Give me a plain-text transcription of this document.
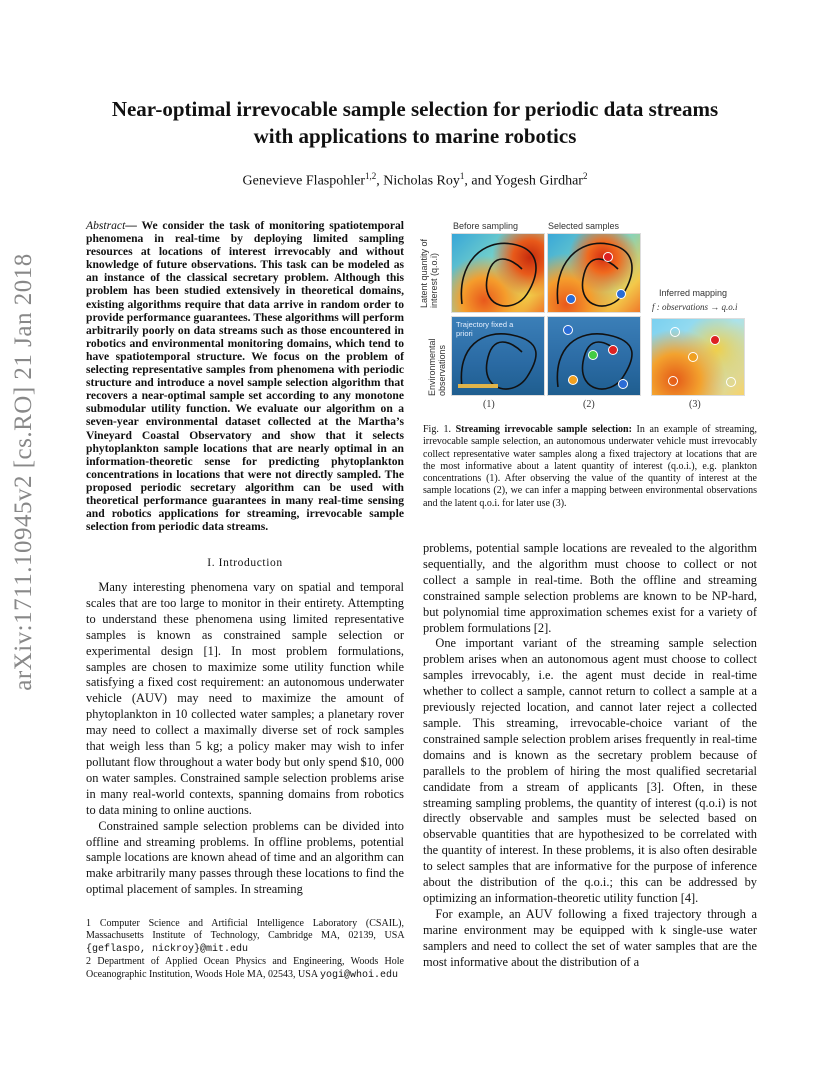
arXiv:1711.10945v2 [cs.RO] 21 Jan 2018
Near-optimal irrevocable sample selection for periodic data streams
with applications to marine robotics
Genevieve Flaspohler$^{1,2}$, Nicholas Roy$^1$, and Yogesh Girdhar$^2$
Abstract— We consider the task of monitoring spatiotemporal phenomena in real-time by deploying limited sampling resources at locations of interest irrevocably and without knowledge of future observations. This task can be modeled as an instance of the classical secretary problem. Although this problem has been studied extensively in theoretical domains, existing algorithms require that data arrive in random order to provide performance guarantees. These algorithms will perform arbitrarily poorly on data streams such as those encountered in robotics and environmental monitoring domains, which tend to have spatiotemporal structure. We focus on the problem of selecting representative samples from phenomena with periodic structure and introduce a novel sample selection algorithm that recovers a near-optimal sample set according to any monotone submodular utility function. We evaluate our algorithm on a seven-year environmental dataset collected at the Martha’s Vineyard Coastal Observatory and show that it selects phytoplankton sample locations that are nearly optimal in an information-theoretic sense for predicting phytoplankton concentrations in locations that were not directly sampled. The proposed periodic secretary algorithm can be used with theoretical performance guarantees in many real-time sensing and robotics applications for streaming, irrevocable sample selection from periodic data streams.
I. Introduction

Many interesting phenomena vary on spatial and temporal scales that are too large to monitor in their entirety. Attempting to understand these phenomena using limited representative samples is known as constrained sample selection or experimental design [1]. In most problem formulations, samples are chosen to maximize some utility function while satisfying a fixed cost requirement: an autonomous underwater vehicle (AUV) may need to maximize the amount of phytoplankton in 10 collected water samples; a planetary rover may need to collect a maximally diverse set of rock samples that weigh less than 5 kg; a policy maker may wish to infer pollutant flow throughout a water body but only spend $10, 000 on water samples. Constrained sample selection problems arise in many real-world contexts, spanning domains from robotics to data mining to online auctions.

Constrained sample selection problems can be divided into offline and streaming problems. In offline problems, potential sample locations are known ahead of time and an algorithm can make arbitrarily many passes through these locations to find the optimal placement of samples. In streaming

1 Computer Science and Artificial Intelligence Laboratory (CSAIL), Massachusetts Institute of Technology, Cambridge MA, 02139, USA {geflaspo, nickroy}@mit.edu
2 Department of Applied Ocean Physics and Engineering, Woods Hole Oceanographic Institution, Woods Hole MA, 02543, USA yogi@whoi.edu
Before sampling	Selected samples
Latent quantity of interest (q.o.i)
Environmental observations
Trajectory fixed a priori
Inferred mapping
f : observations → q.o.i
(1)	(2)	(3)
Fig. 1. Streaming irrevocable sample selection: In an example of streaming, irrevocable sample selection, an autonomous underwater vehicle must irrevocably collect representative water samples along a fixed trajectory at locations that are the most informative about a latent quantity of interest (q.o.i.), e.g. plankton concentrations (1). After observing the value of the quantity of interest at the sample locations (2), we can infer a mapping between environmental observations and the latent q.o.i. for later use (3).

problems, potential sample locations are revealed to the algorithm sequentially, and the algorithm must choose to collect or not collect a sample in real-time. Both the offline and streaming constrained sample selection problems are known to be NP-hard, but polynomial time approximation schemes exist for a variety of problem formulations [2].

One important variant of the streaming sample selection problem arises when an autonomous agent must choose to collect samples irrevocably, i.e. the agent must decide in real-time whether to collect a sample, cannot return to collect a sample at a previously rejected location, and cannot later reject a collected sample. This streaming, irrevocable-choice variant of the constrained sample selection problem arises frequently in real-time domains and is known as the secretary problem because of parallels to the problem of hiring the most qualified secretarial candidate from a stream of applicants [3]. Often, in these streaming sampling problems, the quantity of interest (q.o.i) is not directly observable and samples must be selected based on observable quantities that are hypothesized to be correlated with the quantity of interest. In these problems, it is also often desirable to select samples that are informative for the purpose of inference about the distribution of the q.o.i.; this can be addressed by optimizing an information-theoretic utility function [4].

For example, an AUV following a fixed trajectory through a marine environment may be equipped with k single-use water samplers and need to collect the set of water samples that are the most informative about the distribution of a
